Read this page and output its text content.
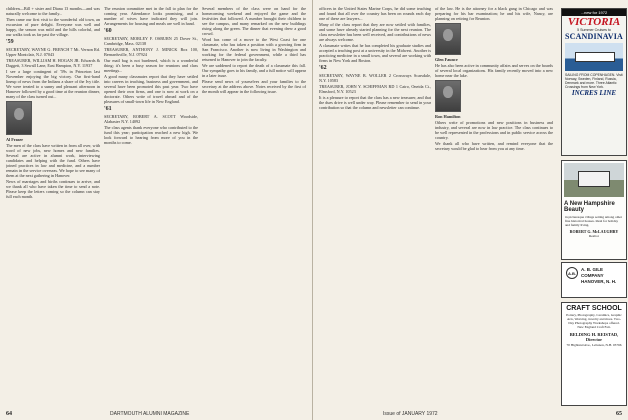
children—Bill + sister and Diana 13 months—and was naturally welcome to the family...

Then came our first visit to the wonderful old town, an excursion of pure delight. Everyone was well and happy, the season was mild and the hills colorful, and our walks took us far past the village.

'59

SECRETARY, WAYNE G. FRENCH 7 Mt. Vernon Rd. Upper Montclair, N.J. 07043

TREASURER, WILLIAM H. HOGAN JR. Edwards & Daggett, 3 Sewall Lane, East Hampton, N.Y. 11937

I see a large contingent of '59s in Princeton last November enjoying the big victory. Our first-hand lineup of news from the Indians a share of the Ivy title. We were treated to a sunny and pleasant afternoon in Hanover followed by a good time at the reunion dinner, many of the class turned out...

Al Fraser

The men of the class have written in from all over, with word of new jobs, new homes and new families. Several are active in alumni work, interviewing candidates and helping with the fund. Others have joined practices in law and medicine, and a number remain in the service overseas. We hope to see many of them at the next gathering in Hanover.

News of marriages and births continues to arrive, and we thank all who have taken the time to send a note. Please keep the letters coming so the column can stay full each month.

The reunion committee met in the fall to plan for the coming year. Attendance looks promising, and a number of wives have indicated they will join. Arrangements for housing and meals are well in hand.

'60

SECRETARY, MORLEY F. OSBURN 25 Dover St., Cambridge, Mass. 02138

TREASURER, ANTHONY J. MINICK Box 100, Bernardsville, N.J. 07924

Our mail bag is not burdened, which is a wonderful thing; it's been a busy season for reunions and class meetings...

A good many classmates report that they have settled into careers in teaching, business and government, and several have been promoted this past year. Two have opened their own firms, and one is now at work on a doctorate. Others write of travel abroad and of the pleasures of small-town life in New England.

'61

SECRETARY, ROBERT A. SCOTT Woodside, Alabaster N.Y. 14092

The class agents thank everyone who contributed to the fund this year; participation reached a new high. We look forward to hearing from more of you in the months to come.

Several members of the class were on hand for the homecoming weekend and enjoyed the game and the festivities that followed. A number brought their children to see the campus, and many remarked on the new buildings rising along the green. The dinner that evening drew a good crowd.

Word has come of a move to the West Coast for one classmate, who has taken a position with a growing firm in San Francisco. Another is now living in Washington and working for the federal government, while a third has returned to Hanover to join the faculty.

We are saddened to report the death of a classmate this fall. Our sympathy goes to his family, and a full notice will appear in a later issue.

Please send news of yourselves and your families to the secretary at the address above. Notes received by the first of the month will appear in the following issue.

64	DARTMOUTH ALUMNI MAGAZINE

officers in the United States Marine Corps, he did some teaching and found that all over the country has been on rounds each day one of these are lawyers...

Many of the class report that they are now settled with families, and some have already started planning for the next reunion. The class newsletter has been well received, and contributions of news are always welcome.

A classmate writes that he has completed his graduate studies and accepted a teaching post at a university in the Midwest. Another is practicing medicine in a small town, and several are working with firms in New York and Boston.

'62

SECRETARY, WAYNE B. WOLLER 2 Crossways Scarsdale, N.Y. 10583

TREASURER, JOHN Y. SCHIFFMAN RD 1 Cairo, Oneida Ct., Elmsford, N.Y. 10523

It is a pleasure to report that the class has a new treasurer, and that the dues drive is well under way. Please remember to send in your contribution so that the column and newsletter can continue.

of the law. He is the attorney for a black gang in Chicago and was preparing for his bar examination; he and his wife, Nancy, are planning on retiring for Reunion.

Glen Faunce

He has also been active in community affairs and serves on the boards of several local organizations. His family recently moved into a new home near the lake.

Ron Hamilton

Others write of promotions and new positions in business and industry, and several are now in law practice. The class continues to be well represented in the professions and in public service across the country.

We thank all who have written, and remind everyone that the secretary would be glad to hear from you at any time.

...new for 1972
VICTORIA
5 Summer Cruises to
SCANDINAVIA
SAILING FROM COPENHAGEN. Visit Norway, Sweden, Finland, Russia, Denmark and more. Three Atlantic Crossings from New York.
INCRES LINE
A New Hampshire Beauty
in picturesque village setting among other fine historical houses. Ideal for holiday and family living.
ROBERT G. McLAUGHRY
Realtor
A.B.
A. B. GILE COMPANY
HANOVER, N. H.
CRAFT SCHOOL
Pottery, Photography, Ceramics, Graphic Arts, Weaving, Jewelry and more. Two-Day Photography Workshops offered. New England Craft Fair.
BELDING H. REISTAD, Director
70 Highland Ave., Lebanon, N.H. 03766
Issue of JANUARY 1972	65
